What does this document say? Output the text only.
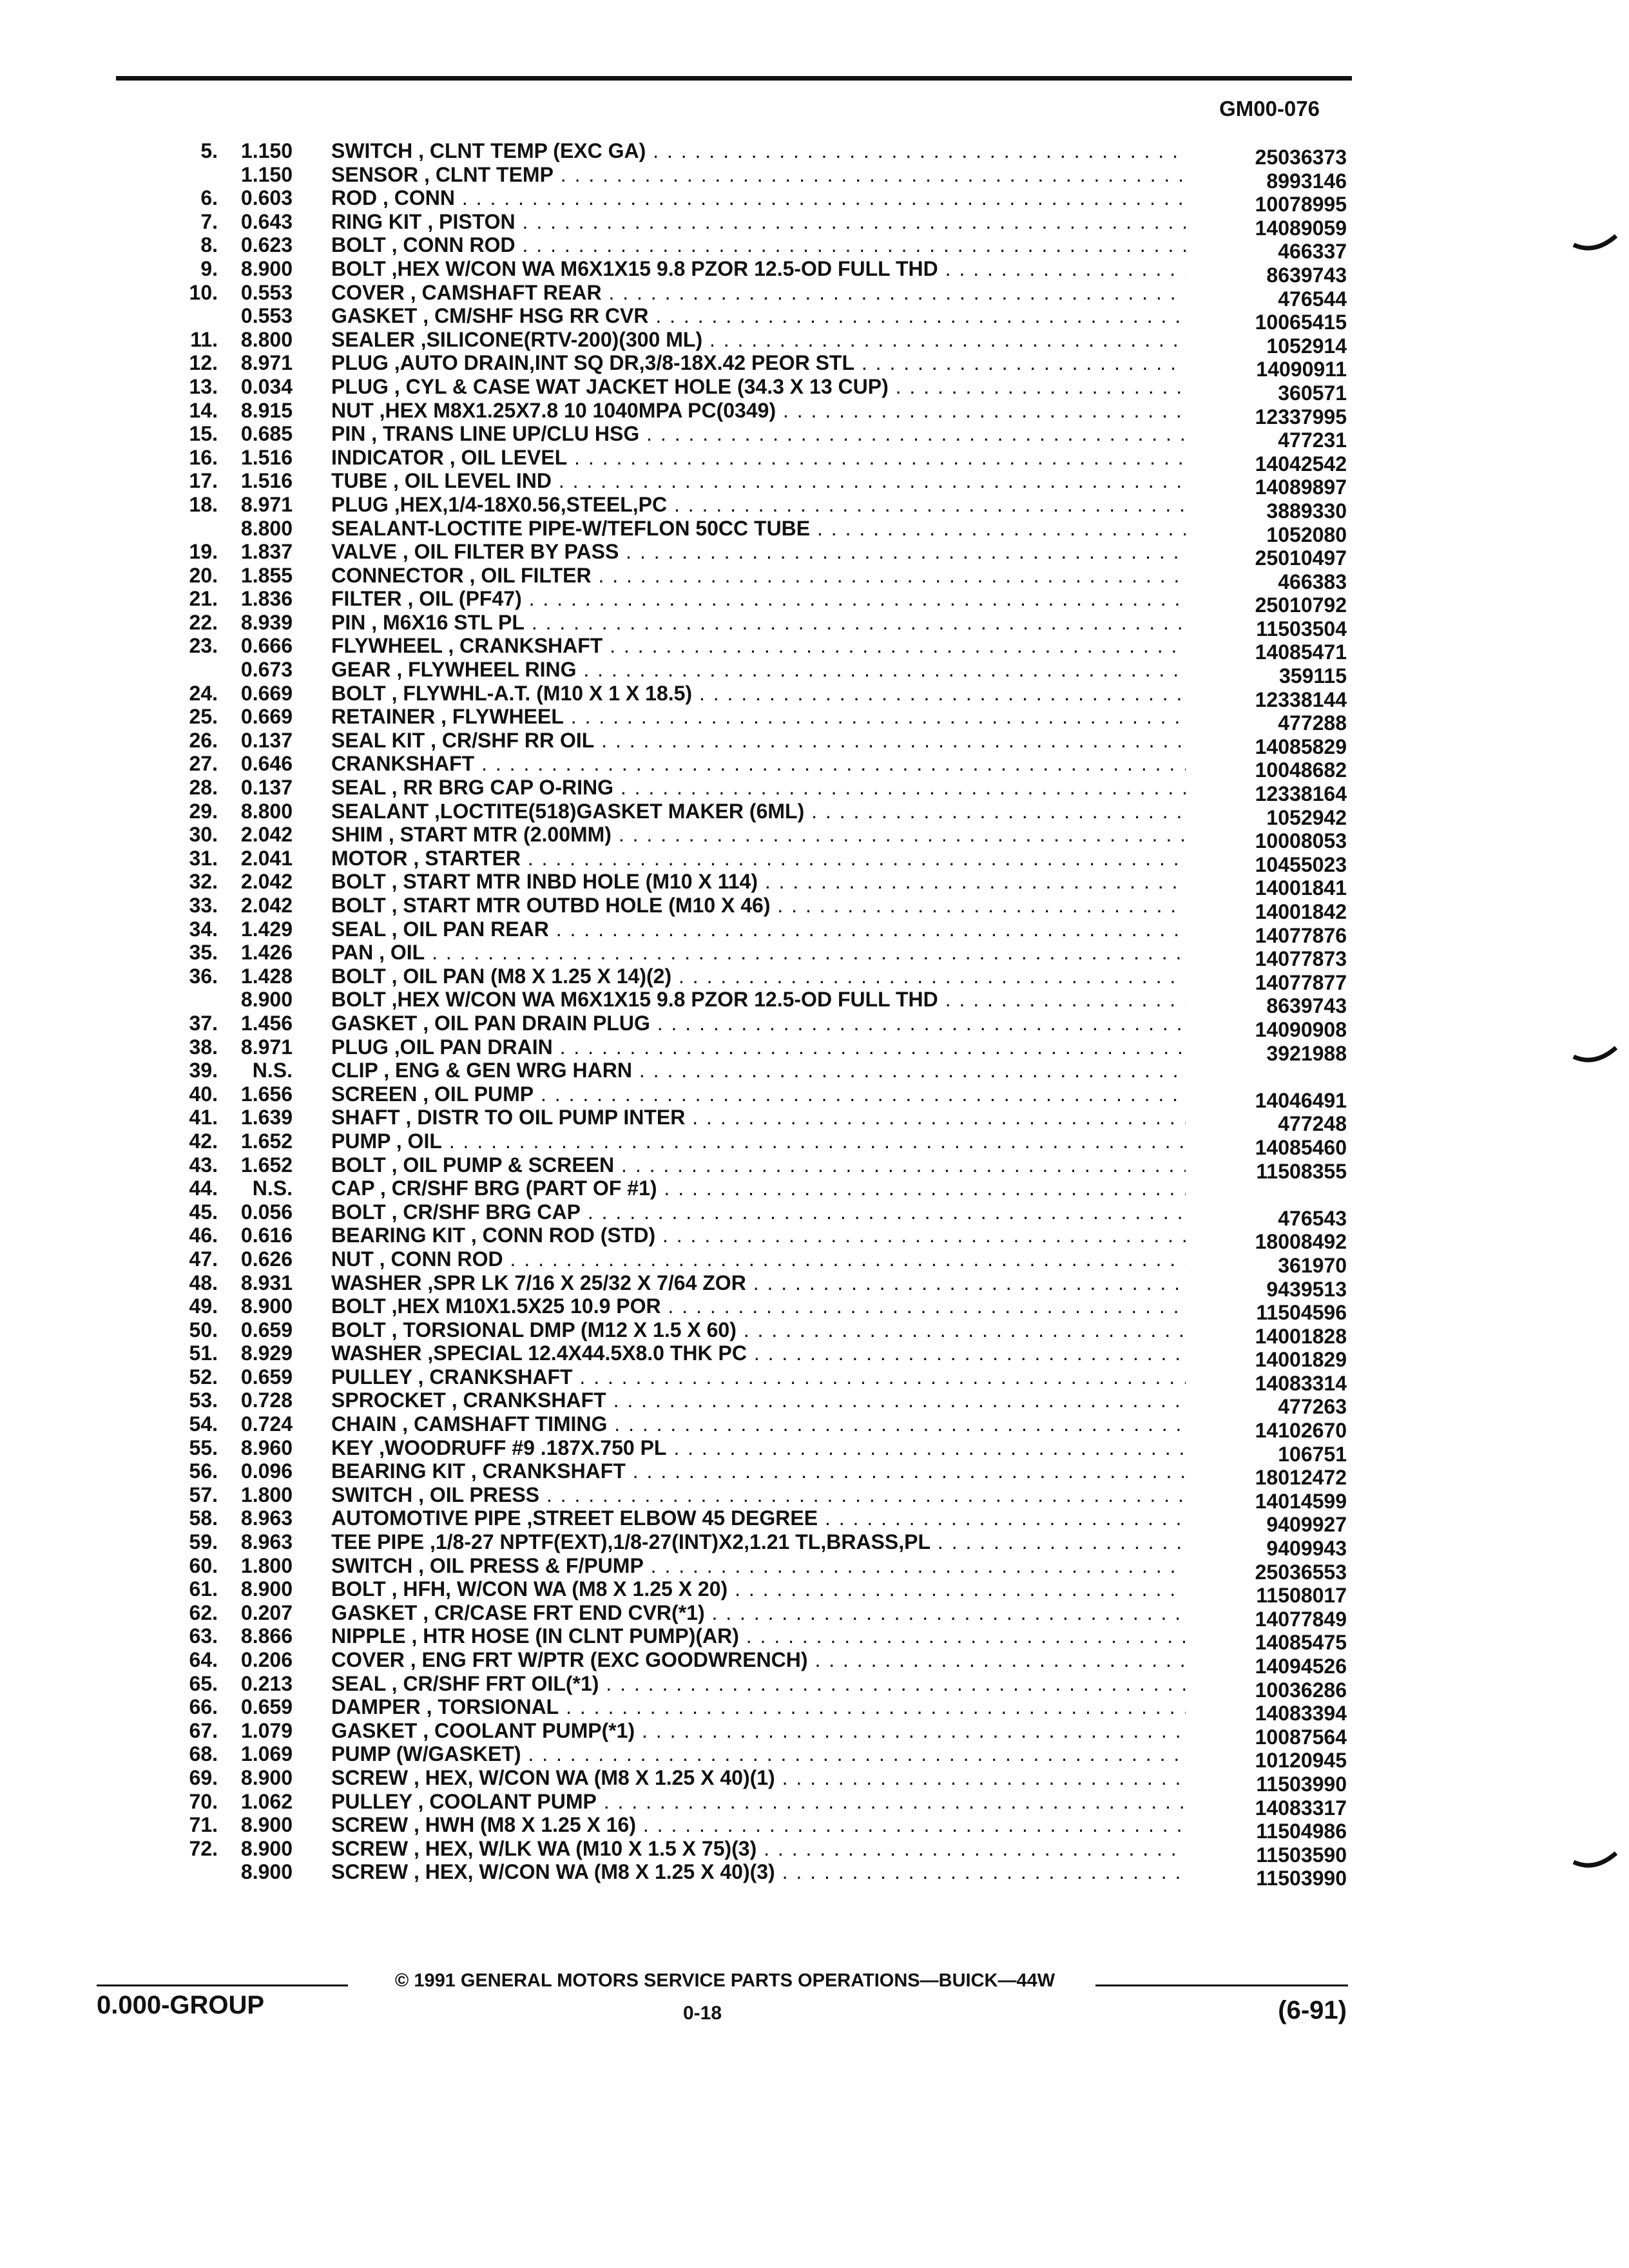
GM00-076
5.	1.150 SWITCH , CLNT TEMP (EXC GA) . . .	25036373
1.150 SENSOR , CLNT TEMP . . .	8993146
6.	0.603 ROD , CONN . . .	10078995
7.	0.643 RING KIT , PISTON . . .	14089059
8.	0.623 BOLT , CONN ROD . . .	466337
9.	8.900 BOLT ,HEX W/CON WA M6X1X15 9.8 PZOR 12.5-OD FULL THD . . .	8639743
10.	0.553 COVER , CAMSHAFT REAR . . .	476544
0.553 GASKET , CM/SHF HSG RR CVR . . .	10065415
11.	8.800 SEALER ,SILICONE(RTV-200)(300 ML) . . .	1052914
12.	8.971 PLUG ,AUTO DRAIN,INT SQ DR,3/8-18X.42 PEOR STL . . .	14090911
13.	0.034 PLUG , CYL & CASE WAT JACKET HOLE (34.3 X 13 CUP) . . .	360571
14.	8.915 NUT ,HEX M8X1.25X7.8 10 1040MPA PC(0349) . . .	12337995
15.	0.685 PIN , TRANS LINE UP/CLU HSG . . .	477231
16.	1.516 INDICATOR , OIL LEVEL . . .	14042542
17.	1.516 TUBE , OIL LEVEL IND . . .	14089897
18.	8.971 PLUG ,HEX,1/4-18X0.56,STEEL,PC . . .	3889330
8.800 SEALANT-LOCTITE PIPE-W/TEFLON 50CC TUBE . . .	1052080
19.	1.837 VALVE , OIL FILTER BY PASS . . .	25010497
20.	1.855 CONNECTOR , OIL FILTER . . .	466383
21.	1.836 FILTER , OIL (PF47) . . .	25010792
22.	8.939 PIN , M6X16 STL PL . . .	11503504
23.	0.666 FLYWHEEL , CRANKSHAFT . . .	14085471
0.673 GEAR , FLYWHEEL RING . . .	359115
24.	0.669 BOLT , FLYWHL-A.T. (M10 X 1 X 18.5) . . .	12338144
25.	0.669 RETAINER , FLYWHEEL . . .	477288
26.	0.137 SEAL KIT , CR/SHF RR OIL . . .	14085829
27.	0.646 CRANKSHAFT . . .	10048682
28.	0.137 SEAL , RR BRG CAP O-RING . . .	12338164
29.	8.800 SEALANT ,LOCTITE(518)GASKET MAKER (6ML) . . .	1052942
30.	2.042 SHIM , START MTR (2.00MM) . . .	10008053
31.	2.041 MOTOR , STARTER . . .	10455023
32.	2.042 BOLT , START MTR INBD HOLE (M10 X 114) . . .	14001841
33.	2.042 BOLT , START MTR OUTBD HOLE (M10 X 46) . . .	14001842
34.	1.429 SEAL , OIL PAN REAR . . .	14077876
35.	1.426 PAN , OIL . . .	14077873
36.	1.428 BOLT , OIL PAN (M8 X 1.25 X 14)(2) . . .	14077877
8.900 BOLT ,HEX W/CON WA M6X1X15 9.8 PZOR 12.5-OD FULL THD . . .	8639743
37.	1.456 GASKET , OIL PAN DRAIN PLUG . . .	14090908
38.	8.971 PLUG ,OIL PAN DRAIN . . .	3921988
39.	N.S. CLIP , ENG & GEN WRG HARN . . .
40.	1.656 SCREEN , OIL PUMP . . .	14046491
41.	1.639 SHAFT , DISTR TO OIL PUMP INTER . . .	477248
42.	1.652 PUMP , OIL . . .	14085460
43.	1.652 BOLT , OIL PUMP & SCREEN . . .	11508355
44.	N.S. CAP , CR/SHF BRG (PART OF #1) . . .
45.	0.056 BOLT , CR/SHF BRG CAP . . .	476543
46.	0.616 BEARING KIT , CONN ROD (STD) . . .	18008492
47.	0.626 NUT , CONN ROD . . .	361970
48.	8.931 WASHER ,SPR LK 7/16 X 25/32 X 7/64 ZOR . . .	9439513
49.	8.900 BOLT ,HEX M10X1.5X25 10.9 POR . . .	11504596
50.	0.659 BOLT , TORSIONAL DMP (M12 X 1.5 X 60) . . .	14001828
51.	8.929 WASHER ,SPECIAL 12.4X44.5X8.0 THK PC . . .	14001829
52.	0.659 PULLEY , CRANKSHAFT . . .	14083314
53.	0.728 SPROCKET , CRANKSHAFT . . .	477263
54.	0.724 CHAIN , CAMSHAFT TIMING . . .	14102670
55.	8.960 KEY ,WOODRUFF #9 .187X.750 PL . . .	106751
56.	0.096 BEARING KIT , CRANKSHAFT . . .	18012472
57.	1.800 SWITCH , OIL PRESS . . .	14014599
58.	8.963 AUTOMOTIVE PIPE ,STREET ELBOW 45 DEGREE . . .	9409927
59.	8.963 TEE PIPE ,1/8-27 NPTF(EXT),1/8-27(INT)X2,1.21 TL,BRASS,PL . . .	9409943
60.	1.800 SWITCH , OIL PRESS & F/PUMP . . .	25036553
61.	8.900 BOLT , HFH, W/CON WA (M8 X 1.25 X 20) . . .	11508017
62.	0.207 GASKET , CR/CASE FRT END CVR(*1) . . .	14077849
63.	8.866 NIPPLE , HTR HOSE (IN CLNT PUMP)(AR) . . .	14085475
64.	0.206 COVER , ENG FRT W/PTR (EXC GOODWRENCH) . . .	14094526
65.	0.213 SEAL , CR/SHF FRT OIL(*1) . . .	10036286
66.	0.659 DAMPER , TORSIONAL . . .	14083394
67.	1.079 GASKET , COOLANT PUMP(*1) . . .	10087564
68.	1.069 PUMP (W/GASKET) . . .	10120945
69.	8.900 SCREW , HEX, W/CON WA (M8 X 1.25 X 40)(1) . . .	11503990
70.	1.062 PULLEY , COOLANT PUMP . . .	14083317
71.	8.900 SCREW , HWH (M8 X 1.25 X 16) . . .	11504986
72.	8.900 SCREW , HEX, W/LK WA (M10 X 1.5 X 75)(3) . . .	11503590
8.900 SCREW , HEX, W/CON WA (M8 X 1.25 X 40)(3) . . .	11503990
© 1991 GENERAL MOTORS SERVICE PARTS OPERATIONS—BUICK—44W
0.000-GROUP	0-18	(6-91)
